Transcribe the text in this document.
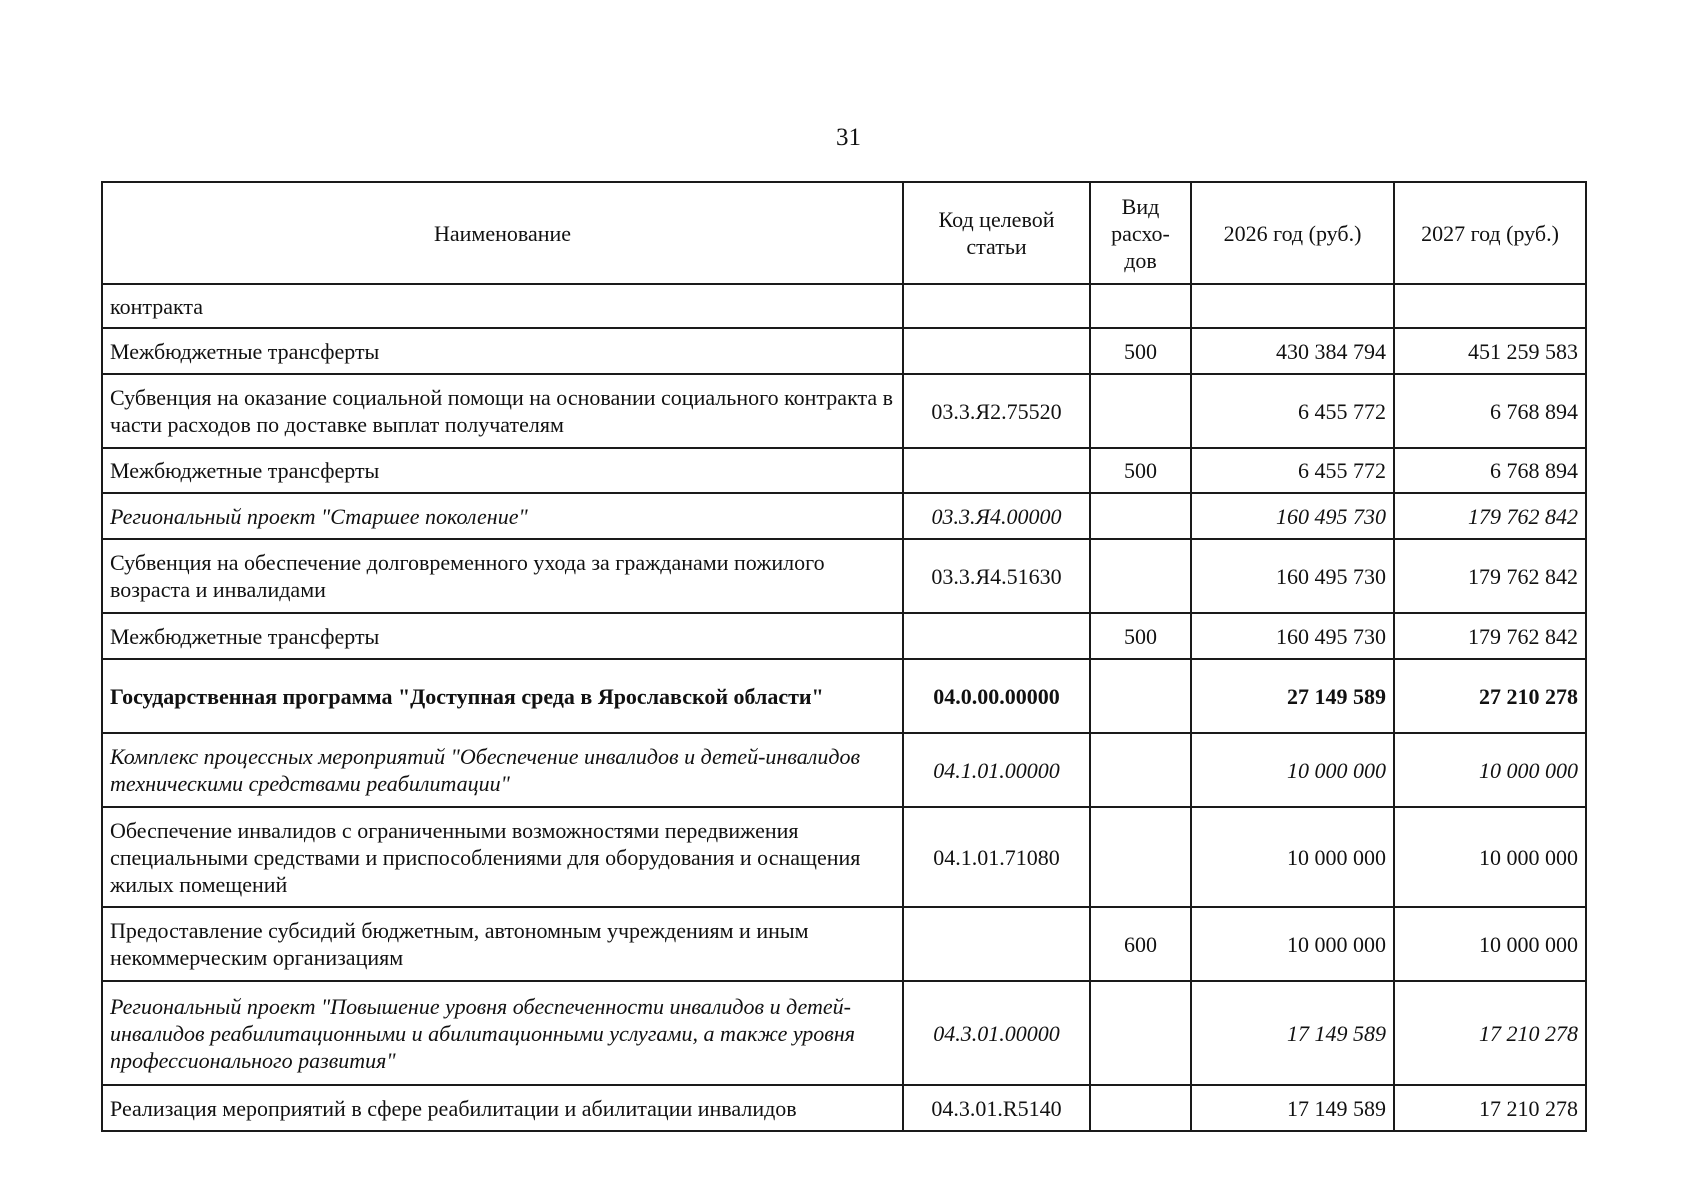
31
Наименование	Код целевой статьи	Вид расхо-дов	2026 год (руб.)	2027 год (руб.)
контракта				
Межбюджетные трансферты		500	430 384 794	451 259 583
Субвенция на оказание социальной помощи на основании социального контракта в части расходов по доставке выплат получателям	03.3.Я2.75520		6 455 772	6 768 894
Межбюджетные трансферты		500	6 455 772	6 768 894
Региональный проект "Старшее поколение"	03.3.Я4.00000		160 495 730	179 762 842
Субвенция на обеспечение долговременного ухода за гражданами пожилого возраста и инвалидами	03.3.Я4.51630		160 495 730	179 762 842
Межбюджетные трансферты		500	160 495 730	179 762 842
Государственная программа "Доступная среда в Ярославской области"	04.0.00.00000		27 149 589	27 210 278
Комплекс процессных мероприятий "Обеспечение инвалидов и детей-инвалидов техническими средствами реабилитации"	04.1.01.00000		10 000 000	10 000 000
Обеспечение инвалидов с ограниченными возможностями передвижения специальными средствами и приспособлениями для оборудования и оснащения жилых помещений	04.1.01.71080		10 000 000	10 000 000
Предоставление субсидий бюджетным, автономным учреждениям и иным некоммерческим организациям		600	10 000 000	10 000 000
Региональный проект "Повышение уровня обеспеченности инвалидов и детей-инвалидов реабилитационными и абилитационными услугами, а также уровня профессионального развития"	04.3.01.00000		17 149 589	17 210 278
Реализация мероприятий в сфере реабилитации и абилитации инвалидов	04.3.01.R5140		17 149 589	17 210 278
